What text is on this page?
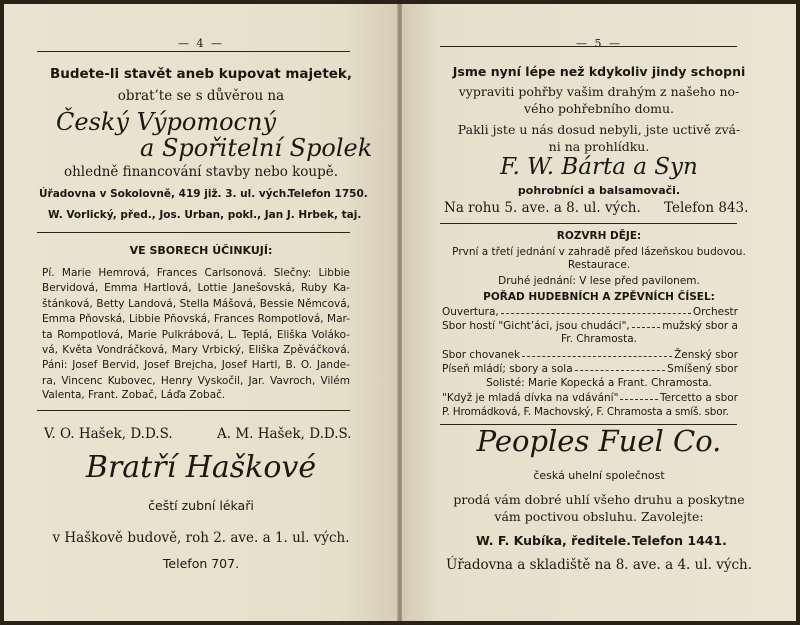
— 4 —
Budete-li stavět aneb kupovat majetek,
obrat’te se s důvěrou na
Český Výpomocný
a Spořitelní Spolek
ohledně financování stavby nebo koupě.
Úřadovna v Sokolovně, 419 již. 3. ul. vých.
Telefon 1750.
W. Vorlický, před., Jos. Urban, pokl., Jan J. Hrbek, taj.
VE SBORECH ÚČINKUJÍ:
Pí. Marie Hemrová, Frances Carlsonová. Slečny: Libbie
Bervidová, Emma Hartlová, Lottie Janešovská, Ruby Ka-
štánková, Betty Landová, Stella Mášová, Bessie Němcová,
Emma Pňovská, Libbie Pňovská, Frances Rompotlová, Mar-
ta Rompotlová, Marie Pulkrábová, L. Teplá, Eliška Voláko-
vá, Květa Vondráčková, Mary Vrbický, Eliška Zpěváčková.
Páni: Josef Bervid, Josef Brejcha, Josef Hartl, B. O. Jande-
ra, Vincenc Kubovec, Henry Vyskočil, Jar. Vavroch, Vilém
Valenta, Frant. Zobač, Láďa Zobač.
V. O. Hašek, D.D.S.	A. M. Hašek, D.D.S.
Bratří Haškové
čeští zubní lékaři
v Haškově budově, roh 2. ave. a 1. ul. vých.
Telefon 707.
— 5 —
Jsme nyní lépe než kdykoliv jindy schopni
vypraviti pohřby vašim drahým z našeho no-
vého pohřebního domu.
Pakli jste u nás dosud nebyli, jste uctivě zvá-
ni na prohlídku.
F. W. Bárta a Syn
pohrobníci a balsamovači.
Na rohu 5. ave. a 8. ul. vých. Telefon 843.
ROZVRH DĚJE:
První a třetí jednání v zahradě před lázeňskou budovou.
Restaurace.
Druhé jednání: V lese před pavilonem.
POŘAD HUDEBNÍCH A ZPĚVNÍCH ČÍSEL:
Ouvertura,	Orchestr
Sbor hostí "Gicht’áci, jsou chudáci",	mužský sbor a
Fr. Chramosta.
Sbor chovanek	Ženský sbor
Píseň mládí; sbory a sola	Smíšený sbor
Solisté: Marie Kopecká a Frant. Chramosta.
"Když je mladá dívka na vdávání"	Tercetto a sbor
P. Hromádková, F. Machovský, F. Chramosta a smíš. sbor.
Peoples Fuel Co.
česká uhelní společnost
prodá vám dobré uhlí všeho druhu a poskytne
vám poctivou obsluhu. Zavolejte:
W. F. Kubíka, ředitele. Telefon 1441.
Úřadovna a skladiště na 8. ave. a 4. ul. vých.
